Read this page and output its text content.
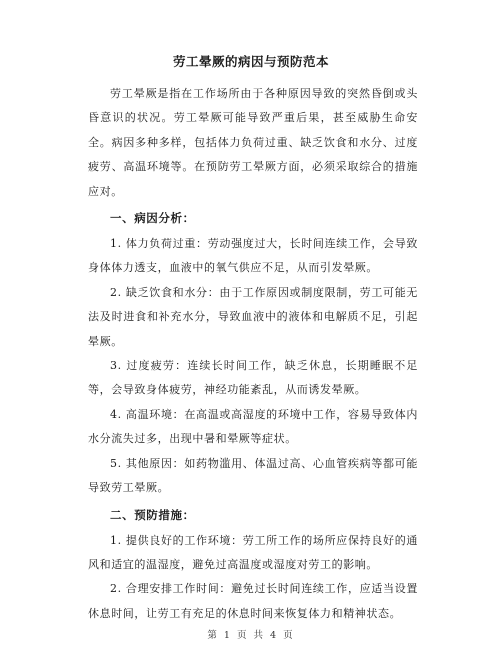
劳工晕厥的病因与预防范本

劳工晕厥是指在工作场所由于各种原因导致的突然昏倒或头昏意识的状况。劳工晕厥可能导致严重后果，甚至威胁生命安全。病因多种多样，包括体力负荷过重、缺乏饮食和水分、过度疲劳、高温环境等。在预防劳工晕厥方面，必须采取综合的措施应对。

一、病因分析：

1. 体力负荷过重：劳动强度过大，长时间连续工作，会导致身体体力透支，血液中的氧气供应不足，从而引发晕厥。

2. 缺乏饮食和水分：由于工作原因或制度限制，劳工可能无法及时进食和补充水分，导致血液中的液体和电解质不足，引起晕厥。

3. 过度疲劳：连续长时间工作，缺乏休息，长期睡眠不足等，会导致身体疲劳，神经功能紊乱，从而诱发晕厥。

4. 高温环境：在高温或高湿度的环境中工作，容易导致体内水分流失过多，出现中暑和晕厥等症状。

5. 其他原因：如药物滥用、体温过高、心血管疾病等都可能导致劳工晕厥。

二、预防措施：

1. 提供良好的工作环境：劳工所工作的场所应保持良好的通风和适宜的温湿度，避免过高温度或湿度对劳工的影响。

2. 合理安排工作时间：避免过长时间连续工作，应适当设置休息时间，让劳工有充足的休息时间来恢复体力和精神状态。

第 1 页 共 4 页
